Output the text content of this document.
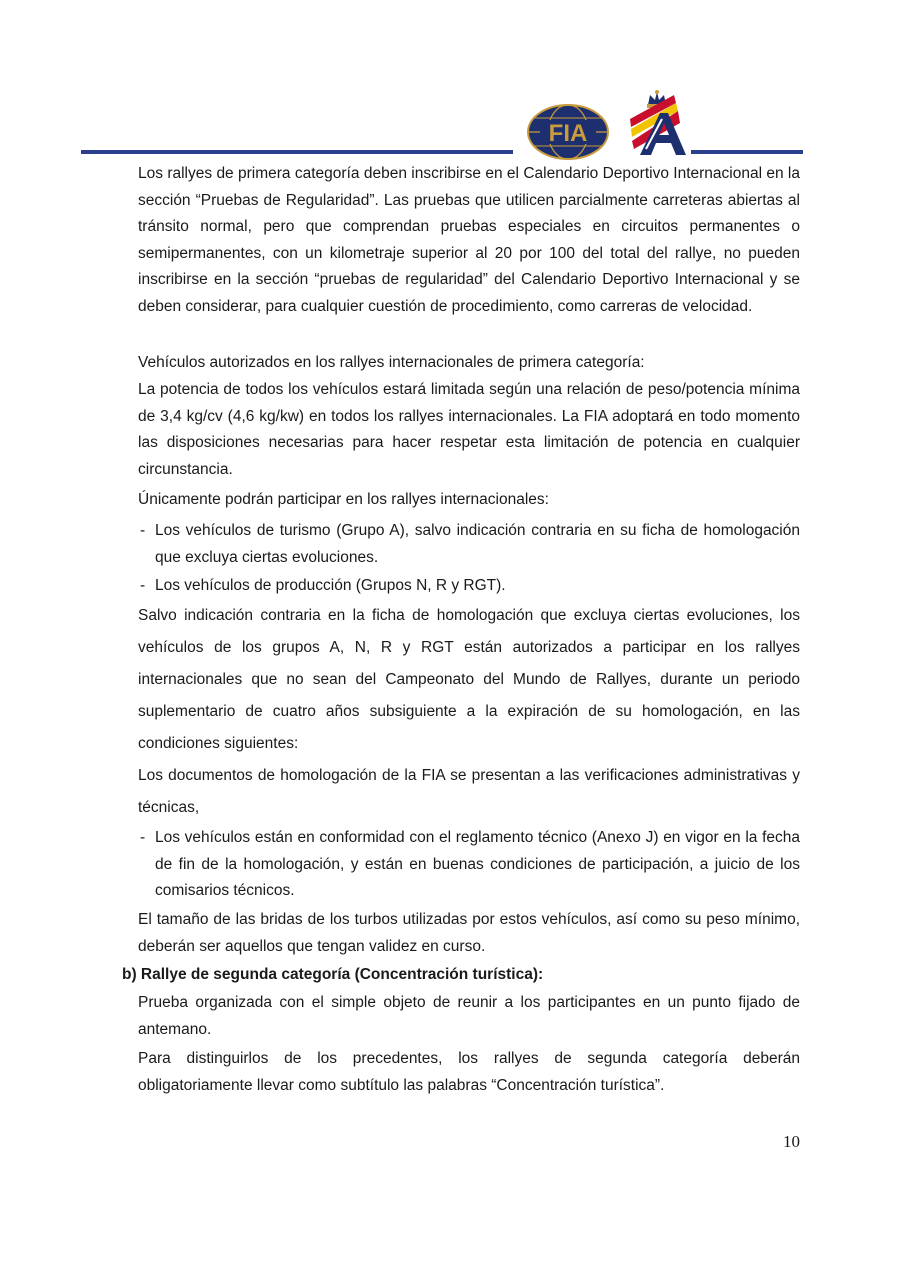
FIA

Los rallyes de primera categoría deben inscribirse en el Calendario Deportivo Internacional en la sección “Pruebas de Regularidad”. Las pruebas que utilicen parcialmente carreteras abiertas al tránsito normal, pero que comprendan pruebas especiales en circuitos permanentes o semipermanentes, con un kilometraje superior al 20 por 100 del total del rallye, no pueden inscribirse en la sección “pruebas de regularidad” del Calendario Deportivo Internacional y se deben considerar, para cualquier cuestión de procedimiento, como carreras de velocidad.

Vehículos autorizados en los rallyes internacionales de primera categoría:

La potencia de todos los vehículos estará limitada según una relación de peso/potencia mínima de 3,4 kg/cv (4,6 kg/kw) en todos los rallyes internacionales. La FIA adoptará en todo momento las disposiciones necesarias para hacer respetar esta limitación de potencia en cualquier circunstancia.

Únicamente podrán participar en los rallyes internacionales:

- Los vehículos de turismo (Grupo A), salvo indicación contraria en su ficha de homologación que excluya ciertas evoluciones.
- Los vehículos de producción (Grupos N, R y RGT).

Salvo indicación contraria en la ficha de homologación que excluya ciertas evoluciones, los vehículos de los grupos A, N, R y RGT están autorizados a participar en los rallyes internacionales que no sean del Campeonato del Mundo de Rallyes, durante un periodo suplementario de cuatro años subsiguiente a la expiración de su homologación, en las condiciones siguientes:

Los documentos de homologación de la FIA se presentan a las verificaciones administrativas y técnicas,

- Los vehículos están en conformidad con el reglamento técnico (Anexo J) en vigor en la fecha de fin de la homologación, y están en buenas condiciones de participación, a juicio de los comisarios técnicos.

El tamaño de las bridas de los turbos utilizadas por estos vehículos, así como su peso mínimo, deberán ser aquellos que tengan validez en curso.

b) Rallye de segunda categoría (Concentración turística):

Prueba organizada con el simple objeto de reunir a los participantes en un punto fijado de antemano.

Para distinguirlos de los precedentes, los rallyes de segunda categoría deberán obligatoriamente llevar como subtítulo las palabras “Concentración turística”.

10
